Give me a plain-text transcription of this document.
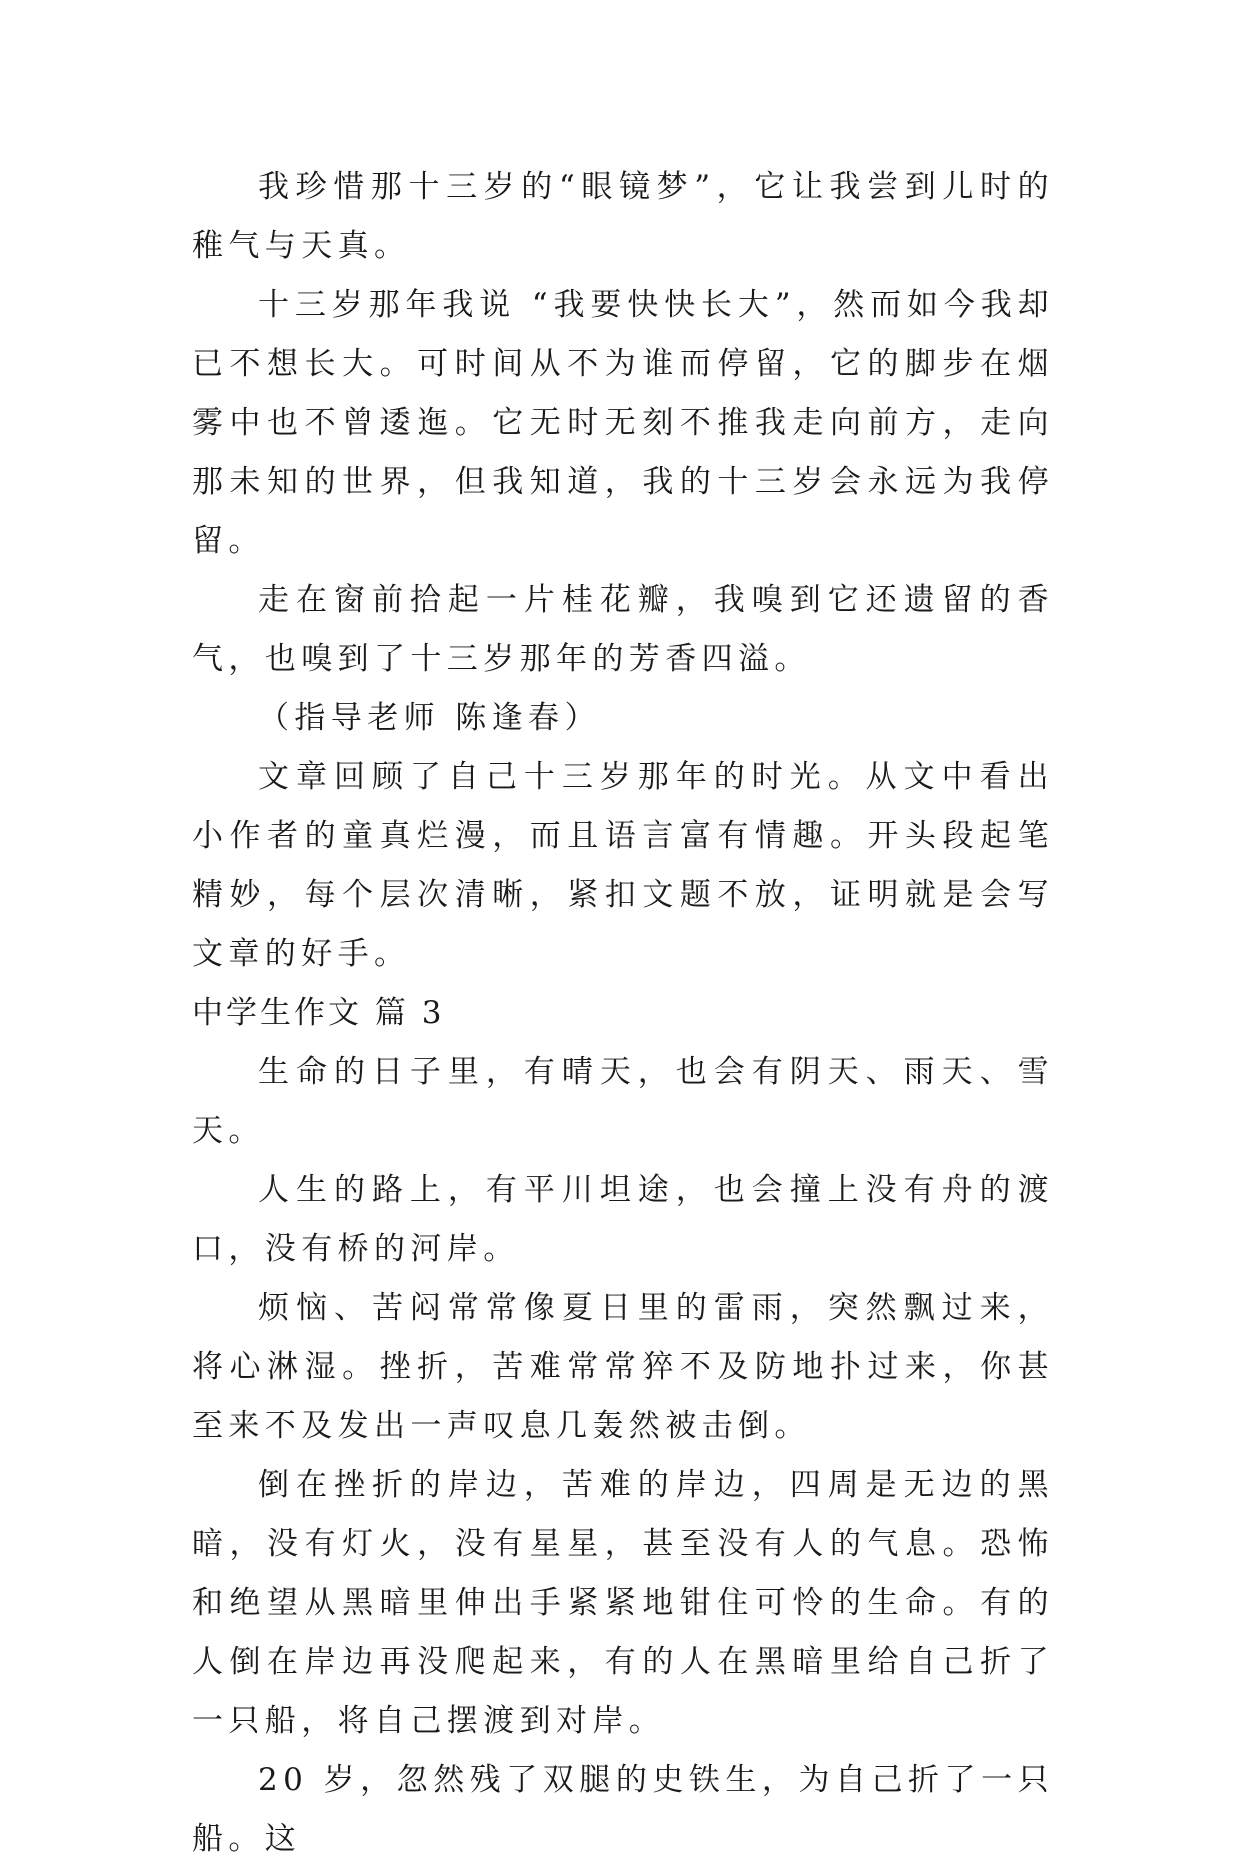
我珍惜那十三岁的“眼镜梦”，它让我尝到儿时的稚气与天真。

十三岁那年我说 “我要快快长大”，然而如今我却已不想长大。可时间从不为谁而停留，它的脚步在烟雾中也不曾逶迤。它无时无刻不推我走向前方，走向那未知的世界，但我知道，我的十三岁会永远为我停留。

走在窗前拾起一片桂花瓣，我嗅到它还遗留的香气，也嗅到了十三岁那年的芳香四溢。

（指导老师 陈逢春）

文章回顾了自己十三岁那年的时光。从文中看出小作者的童真烂漫，而且语言富有情趣。开头段起笔精妙，每个层次清晰，紧扣文题不放，证明就是会写文章的好手。

中学生作文 篇 3

生命的日子里，有晴天，也会有阴天、雨天、雪天。

人生的路上，有平川坦途，也会撞上没有舟的渡口，没有桥的河岸。

烦恼、苦闷常常像夏日里的雷雨，突然飘过来，将心淋湿。挫折，苦难常常猝不及防地扑过来，你甚至来不及发出一声叹息几轰然被击倒。

倒在挫折的岸边，苦难的岸边，四周是无边的黑暗，没有灯火，没有星星，甚至没有人的气息。恐怖和绝望从黑暗里伸出手紧紧地钳住可怜的生命。有的人倒在岸边再没爬起来，有的人在黑暗里给自己折了一只船，将自己摆渡到对岸。

20 岁，忽然残了双腿的史铁生，为自己折了一只船。这
